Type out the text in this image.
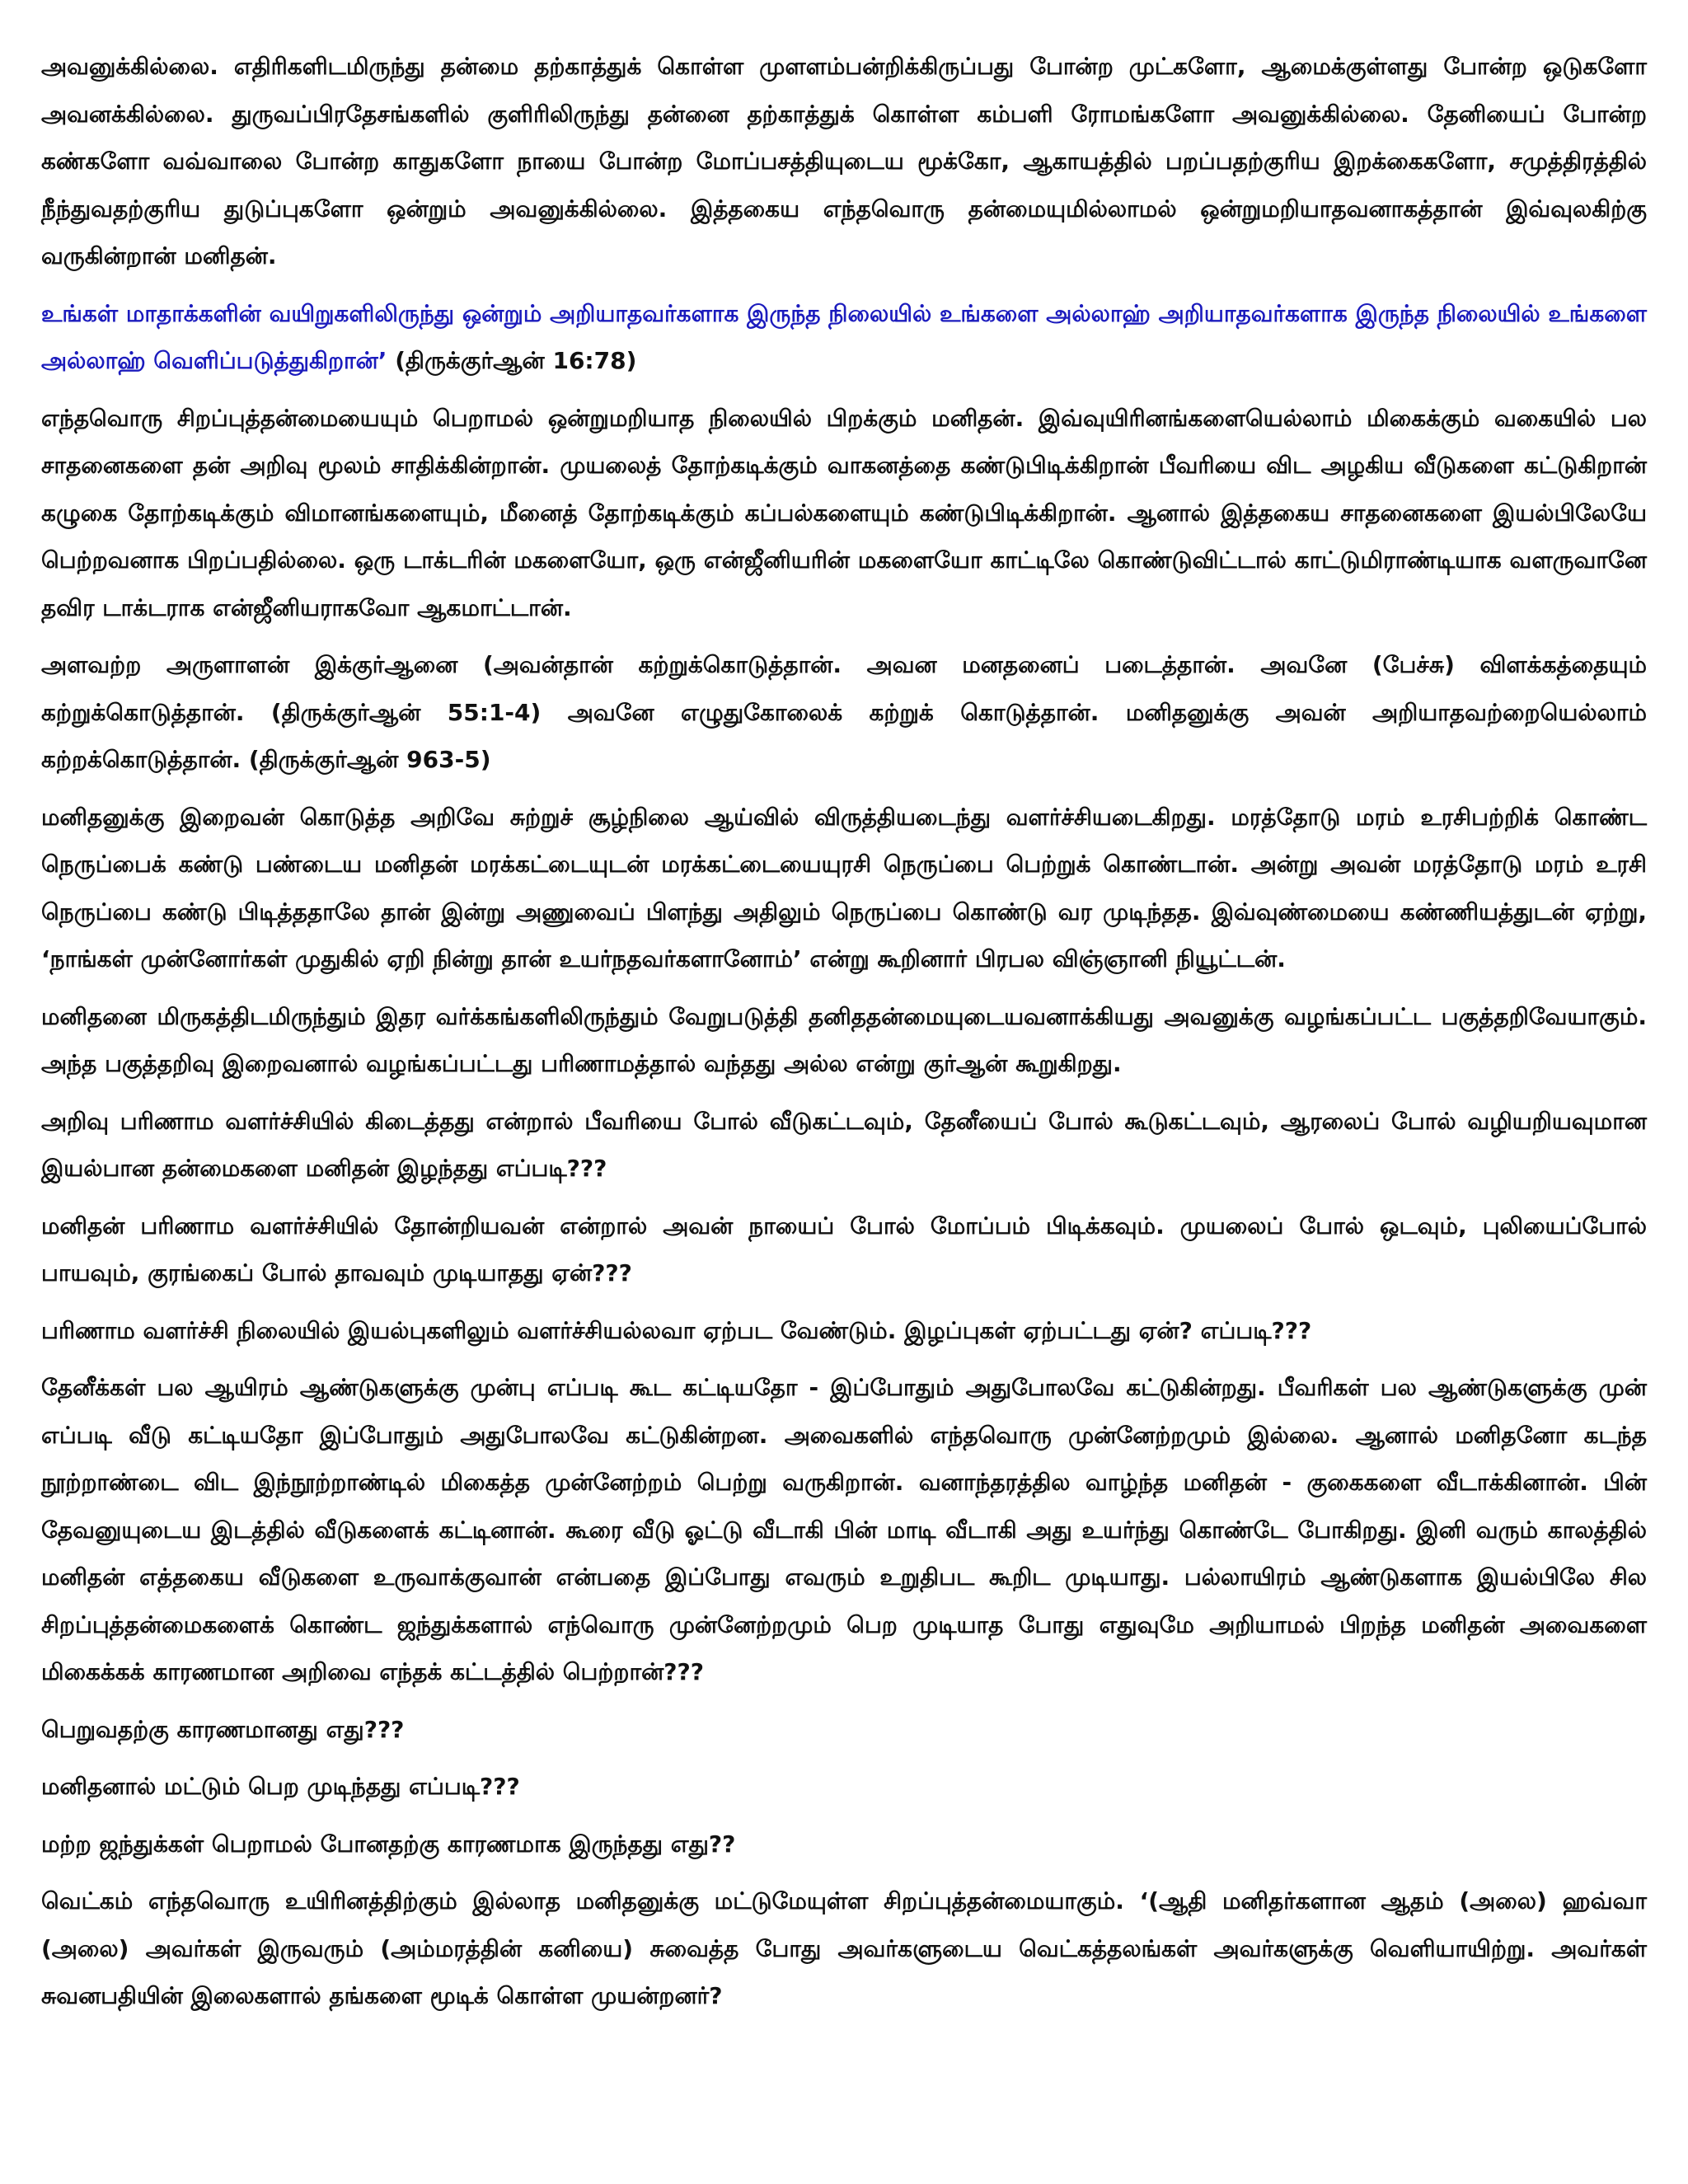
அவனுக்கில்லை. எதிரிகளிடமிருந்து தன்மை தற்காத்துக் கொள்ள முளளம்பன்றிக்கிருப்பது போன்ற முட்களோ, ஆமைக்குள்ளது போன்ற ஒடுகளோ அவனக்கில்லை. துருவப்பிரதேசங்களில் குளிரிலிருந்து தன்னை தற்காத்துக் கொள்ள கம்பளி ரோமங்களோ அவனுக்கில்லை. தேனியைப் போன்ற கண்களோ வவ்வாலை போன்ற காதுகளோ நாயை போன்ற மோப்பசத்தியுடைய மூக்கோ, ஆகாயத்தில் பறப்பதற்குரிய இறக்கைகளோ, சமுத்திரத்தில் நீந்துவதற்குரிய துடுப்புகளோ ஒன்றும் அவனுக்கில்லை. இத்தகைய எந்தவொரு தன்மையுமில்லாமல் ஒன்றுமறியாதவனாகத்தான் இவ்வுலகிற்கு வருகின்றான் மனிதன்.

உங்கள் மாதாக்களின் வயிறுகளிலிருந்து ஒன்றும் அறியாதவர்களாக இருந்த நிலையில் உங்களை அல்லாஹ் அறியாதவர்களாக இருந்த நிலையில் உங்களை அல்லாஹ் வெளிப்படுத்துகிறான்’ (திருக்குர்ஆன் 16:78)

எந்தவொரு சிறப்புத்தன்மையையும் பெறாமல் ஒன்றுமறியாத நிலையில் பிறக்கும் மனிதன். இவ்வுயிரினங்களையெல்லாம் மிகைக்கும் வகையில் பல சாதனைகளை தன் அறிவு மூலம் சாதிக்கின்றான். முயலைத் தோற்கடிக்கும் வாகனத்தை கண்டுபிடிக்கிறான் பீவரியை விட அழகிய வீடுகளை கட்டுகிறான் கழுகை தோற்கடிக்கும் விமானங்களையும், மீனைத் தோற்கடிக்கும் கப்பல்களையும் கண்டுபிடிக்கிறான். ஆனால் இத்தகைய சாதனைகளை இயல்பிலேயே பெற்றவனாக பிறப்பதில்லை. ஒரு டாக்டரின் மகளையோ, ஒரு என்ஜீனியரின் மகளையோ காட்டிலே கொண்டுவிட்டால் காட்டுமிராண்டியாக வளருவானே தவிர டாக்டராக என்ஜீனியராகவோ ஆகமாட்டான்.

அளவற்ற அருளாளன் இக்குர்ஆனை (அவன்தான் கற்றுக்கொடுத்தான். அவன மனதனைப் படைத்தான். அவனே (பேச்சு) விளக்கத்தையும் கற்றுக்கொடுத்தான். (திருக்குர்ஆன் 55:1-4) அவனே எழுதுகோலைக் கற்றுக் கொடுத்தான். மனிதனுக்கு அவன் அறியாதவற்றையெல்லாம் கற்றக்கொடுத்தான். (திருக்குர்ஆன் 963-5)

மனிதனுக்கு இறைவன் கொடுத்த அறிவே சுற்றுச் சூழ்நிலை ஆய்வில் விருத்தியடைந்து வளர்ச்சியடைகிறது. மரத்தோடு மரம் உரசிபற்றிக் கொண்ட நெருப்பைக் கண்டு பண்டைய மனிதன் மரக்கட்டையுடன் மரக்கட்டையையுரசி நெருப்பை பெற்றுக் கொண்டான். அன்று அவன் மரத்தோடு மரம் உரசி நெருப்பை கண்டு பிடித்ததாலே தான் இன்று அணுவைப் பிளந்து அதிலும் நெருப்பை கொண்டு வர முடிந்தத. இவ்வுண்மையை கண்ணியத்துடன் ஏற்று, ‘நாங்கள் முன்னோர்கள் முதுகில் ஏறி நின்று தான் உயர்நதவர்களானோம்’ என்று கூறினார் பிரபல விஞ்ஞானி நியூட்டன்.

மனிதனை மிருகத்திடமிருந்தும் இதர வர்க்கங்களிலிருந்தும் வேறுபடுத்தி தனிததன்மையுடையவனாக்கியது அவனுக்கு வழங்கப்பட்ட பகுத்தறிவேயாகும். அந்த பகுத்தறிவு இறைவனால் வழங்கப்பட்டது பரிணாமத்தால் வந்தது அல்ல என்று குர்ஆன் கூறுகிறது.

அறிவு பரிணாம வளர்ச்சியில் கிடைத்தது என்றால் பீவரியை போல் வீடுகட்டவும், தேனீயைப் போல் கூடுகட்டவும், ஆரலைப் போல் வழியறியவுமான இயல்பான தன்மைகளை மனிதன் இழந்தது எப்படி???

மனிதன் பரிணாம வளர்ச்சியில் தோன்றியவன் என்றால் அவன் நாயைப் போல் மோப்பம் பிடிக்கவும். முயலைப் போல் ஒடவும், புலியைப்போல் பாயவும், குரங்கைப் போல் தாவவும் முடியாதது ஏன்???

பரிணாம வளர்ச்சி நிலையில் இயல்புகளிலும் வளர்ச்சியல்லவா ஏற்பட வேண்டும். இழப்புகள் ஏற்பட்டது ஏன்? எப்படி???

தேனீக்கள் பல ஆயிரம் ஆண்டுகளுக்கு முன்பு எப்படி கூட கட்டியதோ - இப்போதும் அதுபோலவே கட்டுகின்றது. பீவரிகள் பல ஆண்டுகளுக்கு முன் எப்படி வீடு கட்டியதோ இப்போதும் அதுபோலவே கட்டுகின்றன. அவைகளில் எந்தவொரு முன்னேற்றமும் இல்லை. ஆனால் மனிதனோ கடந்த நூற்றாண்டை விட இந்நூற்றாண்டில் மிகைத்த முன்னேற்றம் பெற்று வருகிறான். வனாந்தரத்தில வாழ்ந்த மனிதன் - குகைகளை வீடாக்கினான். பின் தேவனுயுடைய இடத்தில் வீடுகளைக் கட்டினான். கூரை வீடு ஓட்டு வீடாகி பின் மாடி வீடாகி அது உயர்ந்து கொண்டே போகிறது. இனி வரும் காலத்தில் மனிதன் எத்தகைய வீடுகளை உருவாக்குவான் என்பதை இப்போது எவரும் உறுதிபட கூறிட முடியாது. பல்லாயிரம் ஆண்டுகளாக இயல்பிலே சில சிறப்புத்தன்மைகளைக் கொண்ட ஜந்துக்களால் எந்வொரு முன்னேற்றமும் பெற முடியாத போது எதுவுமே அறியாமல் பிறந்த மனிதன் அவைகளை மிகைக்கக் காரணமான அறிவை எந்தக் கட்டத்தில் பெற்றான்???

பெறுவதற்கு காரணமானது எது???

மனிதனால் மட்டும் பெற முடிந்தது எப்படி???

மற்ற ஜந்துக்கள் பெறாமல் போனதற்கு காரணமாக இருந்தது எது??

வெட்கம் எந்தவொரு உயிரினத்திற்கும் இல்லாத மனிதனுக்கு மட்டுமேயுள்ள சிறப்புத்தன்மையாகும். ‘(ஆதி மனிதர்களான ஆதம் (அலை) ஹவ்வா (அலை) அவர்கள் இருவரும் (அம்மரத்தின் கனியை) சுவைத்த போது அவர்களுடைய வெட்கத்தலங்கள் அவர்களுக்கு வெளியாயிற்று. அவர்கள் சுவனபதியின் இலைகளால் தங்களை மூடிக் கொள்ள முயன்றனர்?
